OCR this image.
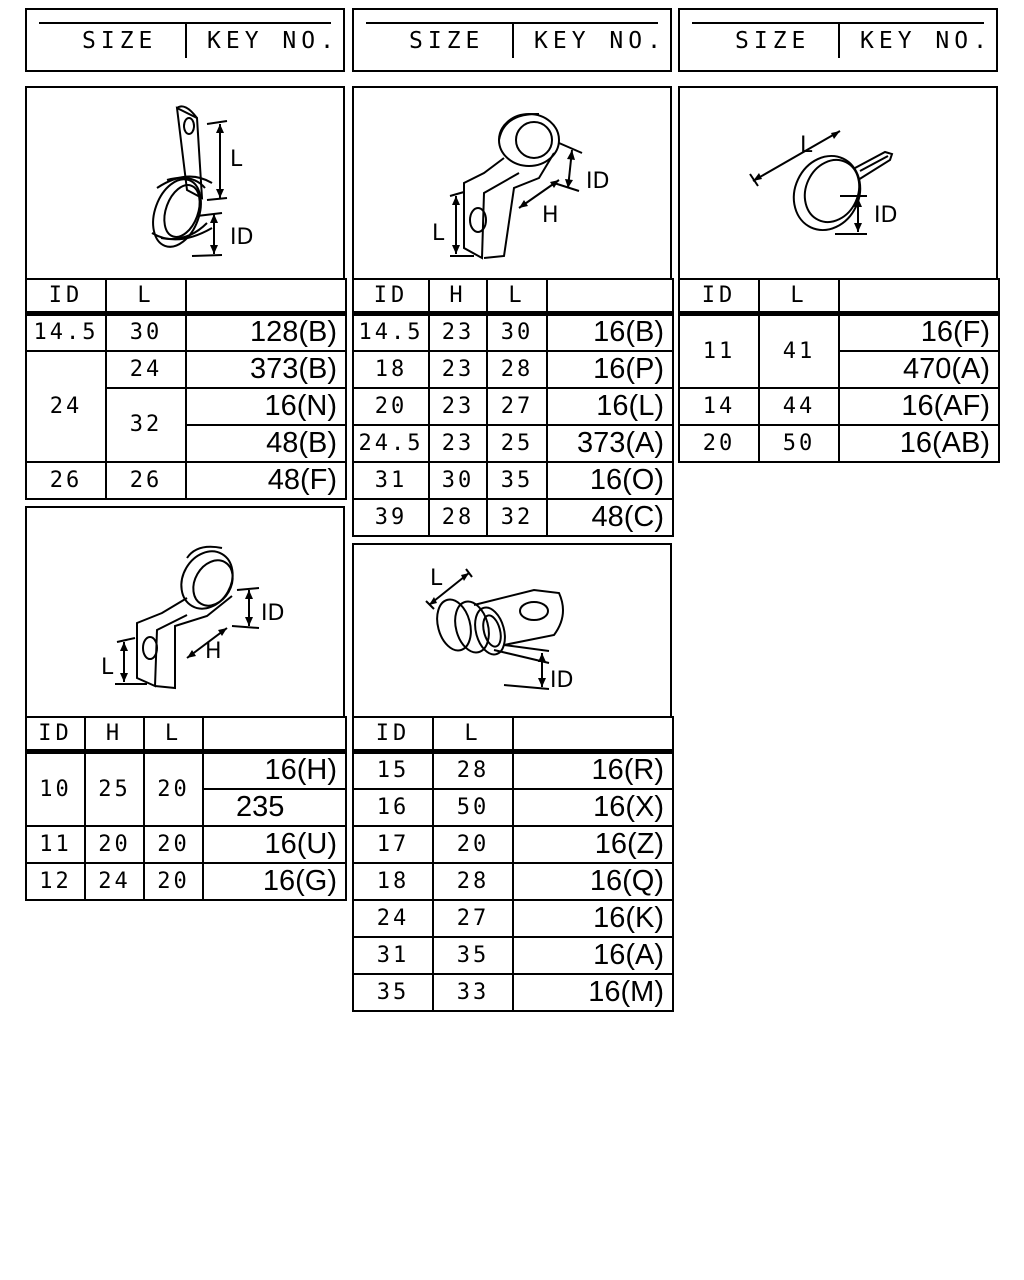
SIZE KEY NO.	SIZE KEY NO.	SIZE KEY NO.
L
ID
ID	L	
14.5	30	128(B)
24	24	373(B)
	32	16(N)
		48(B)
26	26	48(F)
ID
H
L
ID	H	L	
14.5	23	30	16(B)
18	23	28	16(P)
20	23	27	16(L)
24.5	23	25	373(A)
31	30	35	16(O)
39	28	32	48(C)
L
ID
ID	L	
11	41	16(F)
		470(A)
14	44	16(AF)
20	50	16(AB)
ID
H
L
ID	H	L	
10	25	20	16(H)
			235
11	20	20	16(U)
12	24	20	16(G)
L
ID
ID	L	
15	28	16(R)
16	50	16(X)
17	20	16(Z)
18	28	16(Q)
24	27	16(K)
31	35	16(A)
35	33	16(M)
